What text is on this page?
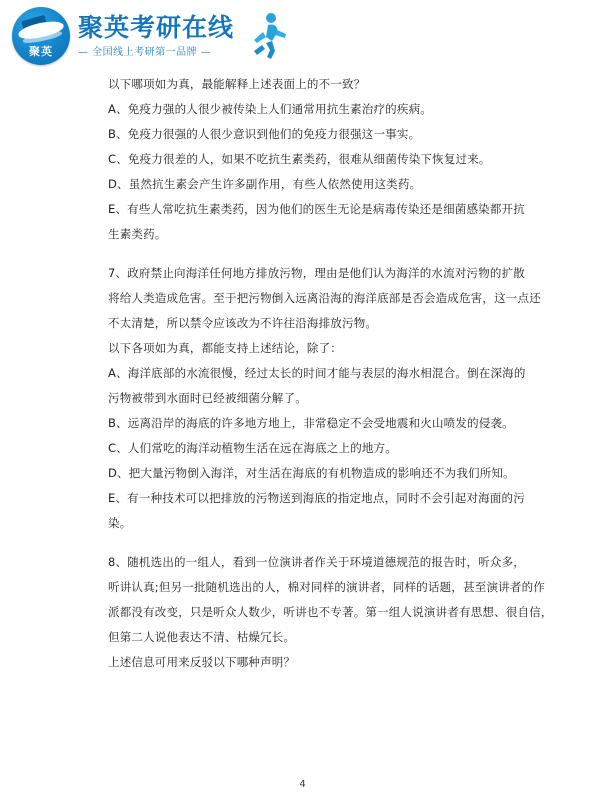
聚英
聚英考研在线
— 全国线上考研第一品牌 —

以下哪项如为真，最能解释上述表面上的不一致？

A、免疫力强的人很少被传染上人们通常用抗生素治疗的疾病。

B、免疫力很强的人很少意识到他们的免疫力很强这一事实。

C、免疫力很差的人，如果不吃抗生素类药，很难从细菌传染下恢复过来。

D、虽然抗生素会产生许多副作用，有些人依然使用这类药。

E、有些人常吃抗生素类药，因为他们的医生无论是病毒传染还是细菌感染都开抗

生素类药。

7、政府禁止向海洋任何地方排放污物，理由是他们认为海洋的水流对污物的扩散

将给人类造成危害。至于把污物倒入远离沿海的海洋底部是否会造成危害，这一点还

不太清楚，所以禁令应该改为不许往沿海排放污物。

以下各项如为真，都能支持上述结论，除了：

A、海洋底部的水流很慢，经过太长的时间才能与表层的海水相混合。倒在深海的

污物被带到水面时已经被细菌分解了。

B、远离沿岸的海底的许多地方地上，非常稳定不会受地震和火山喷发的侵袭。

C、人们常吃的海洋动植物生活在远在海底之上的地方。

D、把大量污物倒入海洋，对生活在海底的有机物造成的影响还不为我们所知。

E、有一种技术可以把排放的污物送到海底的指定地点，同时不会引起对海面的污

染。

8、随机选出的一组人，看到一位演讲者作关于环境道德规范的报告时，听众多，

听讲认真;但另一批随机选出的人，棉对同样的演讲者，同样的话题，甚至演讲者的作

派都没有改变，只是听众人数少，听讲也不专著。第一组人说演讲者有思想、很自信，

但第二人说他表达不清、枯燥冗长。

上述信息可用来反驳以下哪种声明？

4
